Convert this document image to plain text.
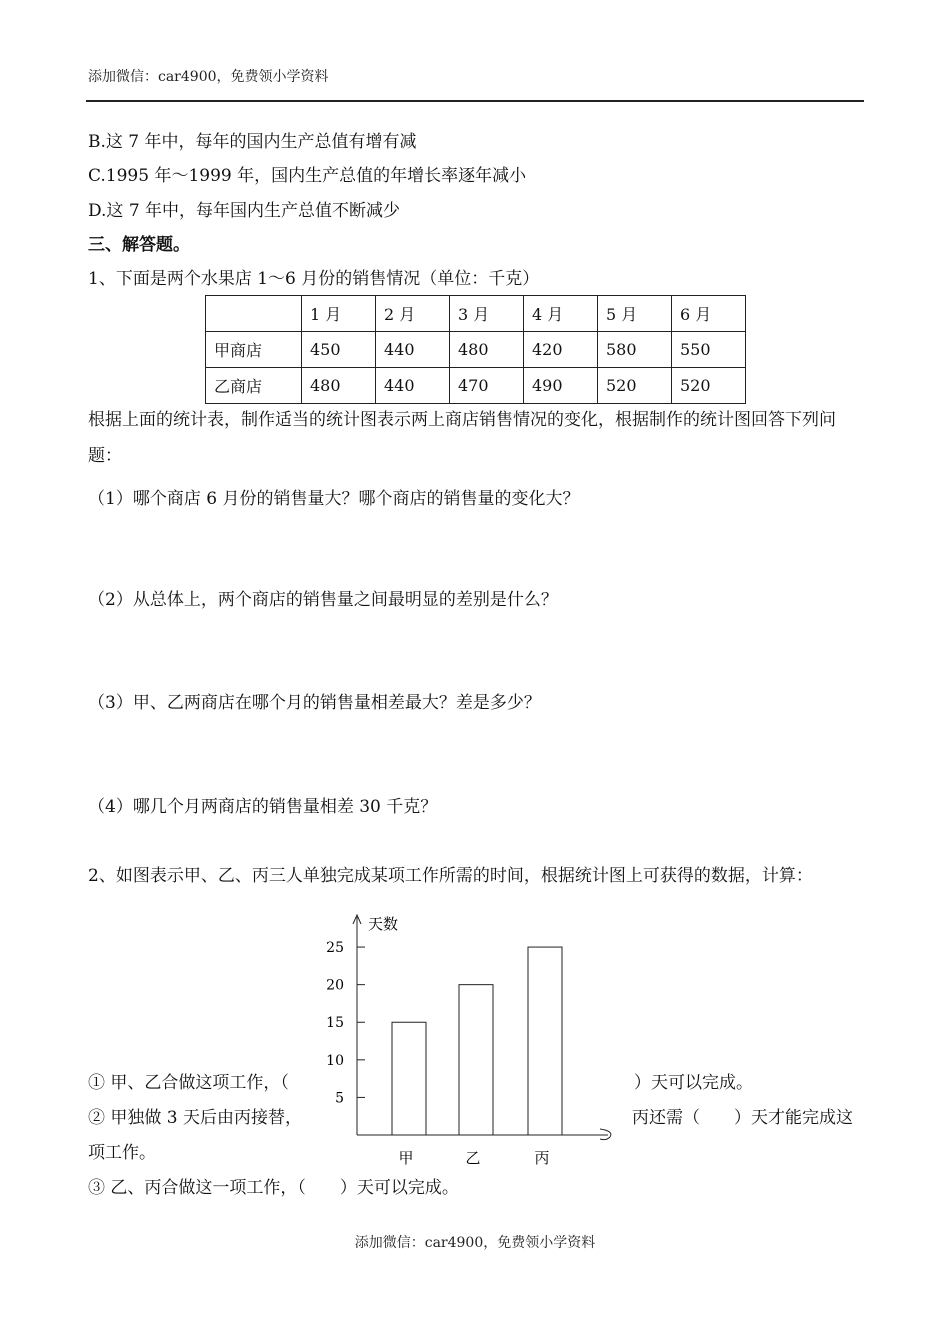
添加微信：car4900，免费领小学资料
B.这 7 年中，每年的国内生产总值有增有减
C.1995 年～1999 年，国内生产总值的年增长率逐年减小
D.这 7 年中，每年国内生产总值不断减少
三、解答题。
1、下面是两个水果店 1～6 月份的销售情况（单位：千克）
	1 月	2 月	3 月	4 月	5 月	6 月
甲商店	450	440	480	420	580	550
乙商店	480	440	470	490	520	520
根据上面的统计表，制作适当的统计图表示两上商店销售情况的变化，根据制作的统计图回答下列问题：
（1）哪个商店 6 月份的销售量大？哪个商店的销售量的变化大？
（2）从总体上，两个商店的销售量之间最明显的差别是什么？
（3）甲、乙两商店在哪个月的销售量相差最大？差是多少？
（4）哪几个月两商店的销售量相差 30 千克？
2、如图表示甲、乙、丙三人单独完成某项工作所需的时间，根据统计图上可获得的数据，计算：
天数
5
10
15
20
25
甲	乙	丙
① 甲、乙合做这项工作，（	）天可以完成。
② 甲独做 3 天后由丙接替，	丙还需（　　）天才能完成这
项工作。
③ 乙、丙合做这一项工作，（　　）天可以完成。
添加微信：car4900，免费领小学资料
